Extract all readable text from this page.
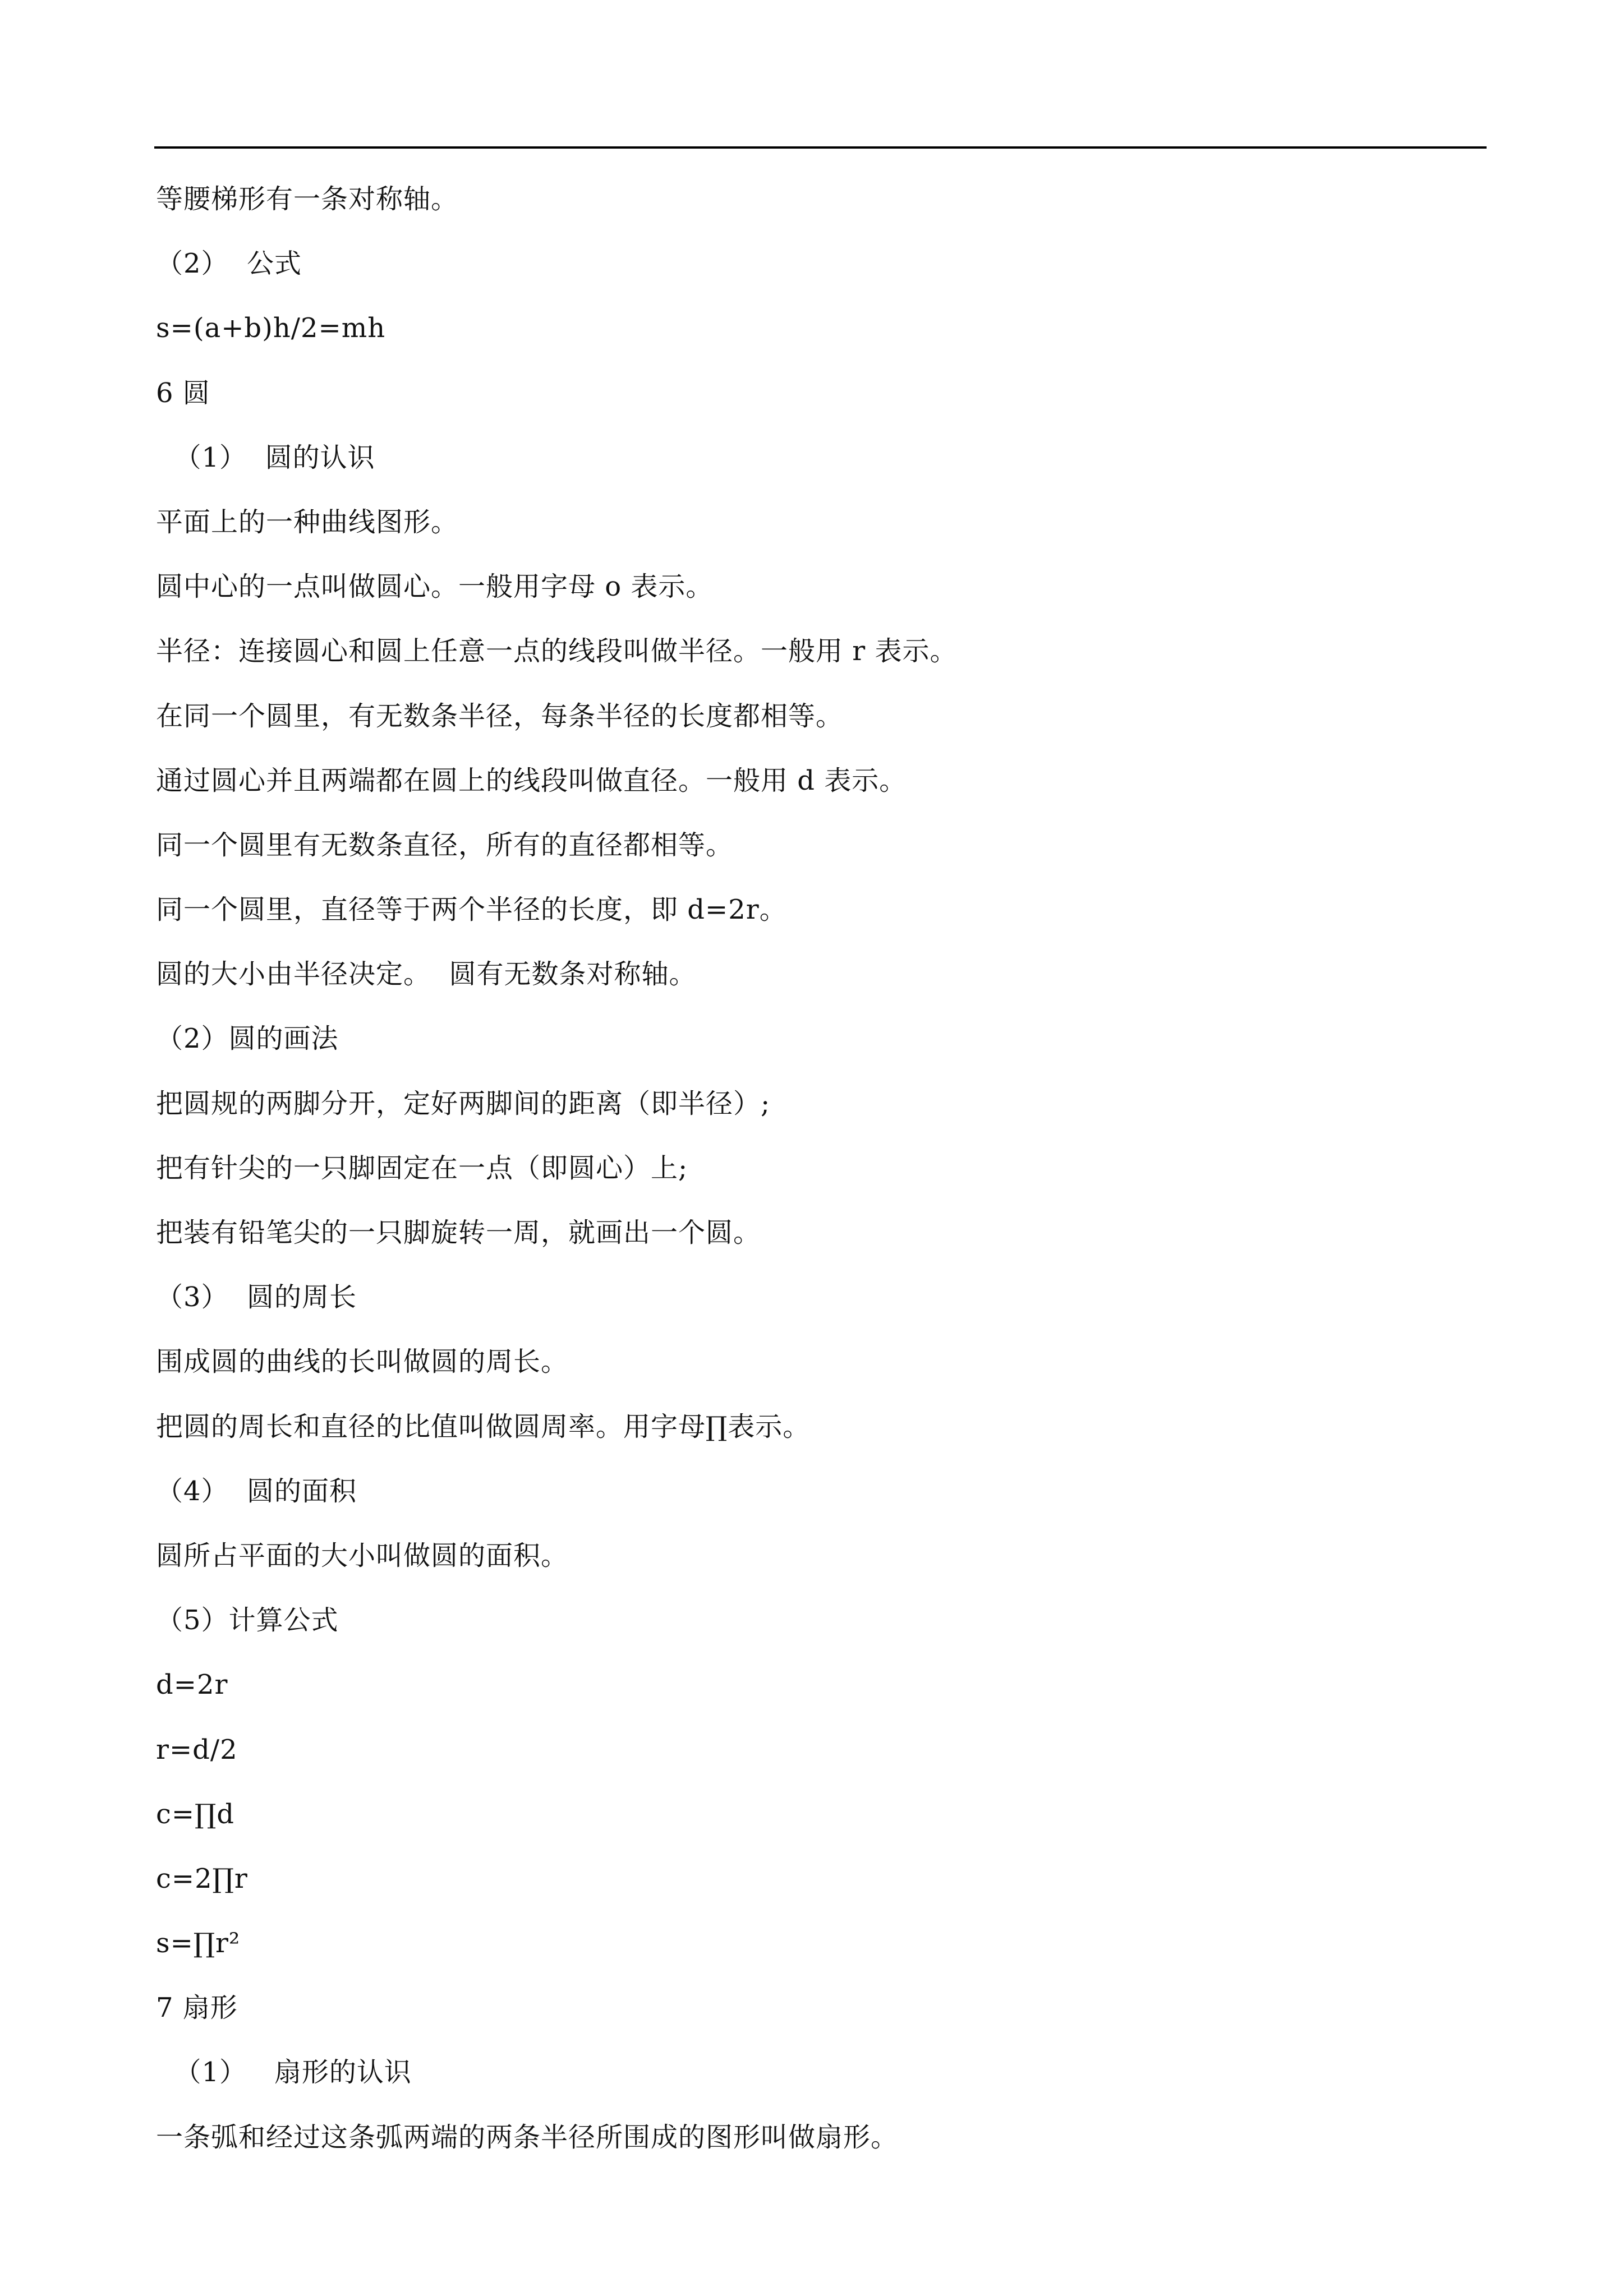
等腰梯形有一条对称轴。
（2）  公式
s=(a+b)h/2=mh
6 圆
（1）  圆的认识
平面上的一种曲线图形。
圆中心的一点叫做圆心。一般用字母 o 表示。
半径：连接圆心和圆上任意一点的线段叫做半径。一般用 r 表示。
在同一个圆里，有无数条半径，每条半径的长度都相等。
通过圆心并且两端都在圆上的线段叫做直径。一般用 d 表示。
同一个圆里有无数条直径，所有的直径都相等。
同一个圆里，直径等于两个半径的长度，即 d=2r。
圆的大小由半径决定。  圆有无数条对称轴。
（2）圆的画法
把圆规的两脚分开，定好两脚间的距离（即半径）;
把有针尖的一只脚固定在一点（即圆心）上;
把装有铅笔尖的一只脚旋转一周，就画出一个圆。
（3）  圆的周长
围成圆的曲线的长叫做圆的周长。
把圆的周长和直径的比值叫做圆周率。用字母∏表示。
（4）  圆的面积
圆所占平面的大小叫做圆的面积。
（5）计算公式
d=2r
r=d/2
c=∏d
c=2∏r
s=∏r²
7 扇形
（1）   扇形的认识
一条弧和经过这条弧两端的两条半径所围成的图形叫做扇形。
